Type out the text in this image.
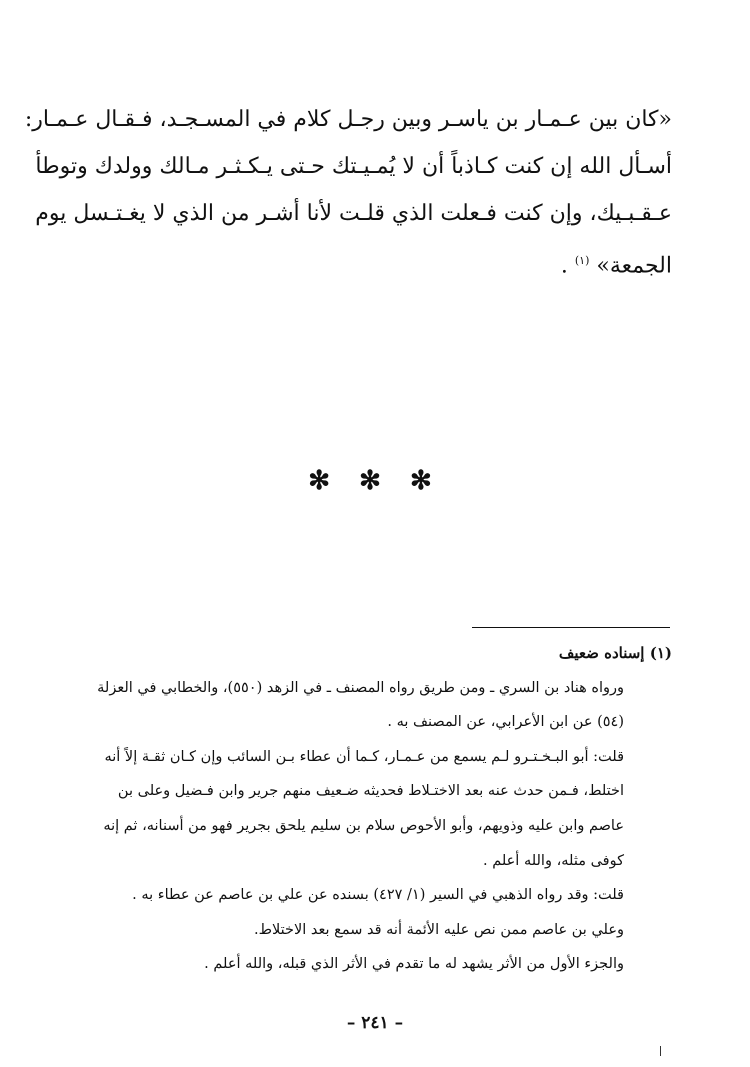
«كان بين عـمـار بن ياسـر وبين رجـل كلام في المسـجـد، فـقـال عـمـار:
أسـأل الله إن كنت كـاذباً أن لا يُمـيـتك حـتى يـكـثـر مـالك وولدك وتوطأ
عـقـبـيك، وإن كنت فـعلت الذي قلـت لأنا أشـر من الذي لا يغـتـسل يوم
الجمعة» $^{(١)}$ .
✻ ✻ ✻
(١) إسناده ضعيف
ورواه هناد بن السري ـ ومن طريق رواه المصنف ـ في الزهد (٥٥٠)، والخطابي في العزلة
(٥٤) عن ابن الأعرابي، عن المصنف به .
قلت: أبو البـخـتـرو لـم يسمع من عـمـار، كـما أن عطاء بـن السائب وإن كـان ثقـة إلاً أنه
اختلط، فـمن حدث عنه بعد الاختـلاط فحديثه ضـعيف منهم جرير وابن فـضيل وعلى بن
عاصم وابن عليه وذويهم، وأبو الأحوص سلام بن سليم يلحق بجرير فهو من أسنانه، ثم إنه
كوفى مثله، والله أعلم .
قلت: وقد رواه الذهبي في السير (١/ ٤٢٧) بسنده عن علي بن عاصم عن عطاء به .
وعلي بن عاصم ممن نص عليه الأئمة أنه قد سمع بعد الاختلاط.
والجزء الأول من الأثر يشهد له ما تقدم في الأثر الذي قبله، والله أعلم .
– ٢٤١ –
